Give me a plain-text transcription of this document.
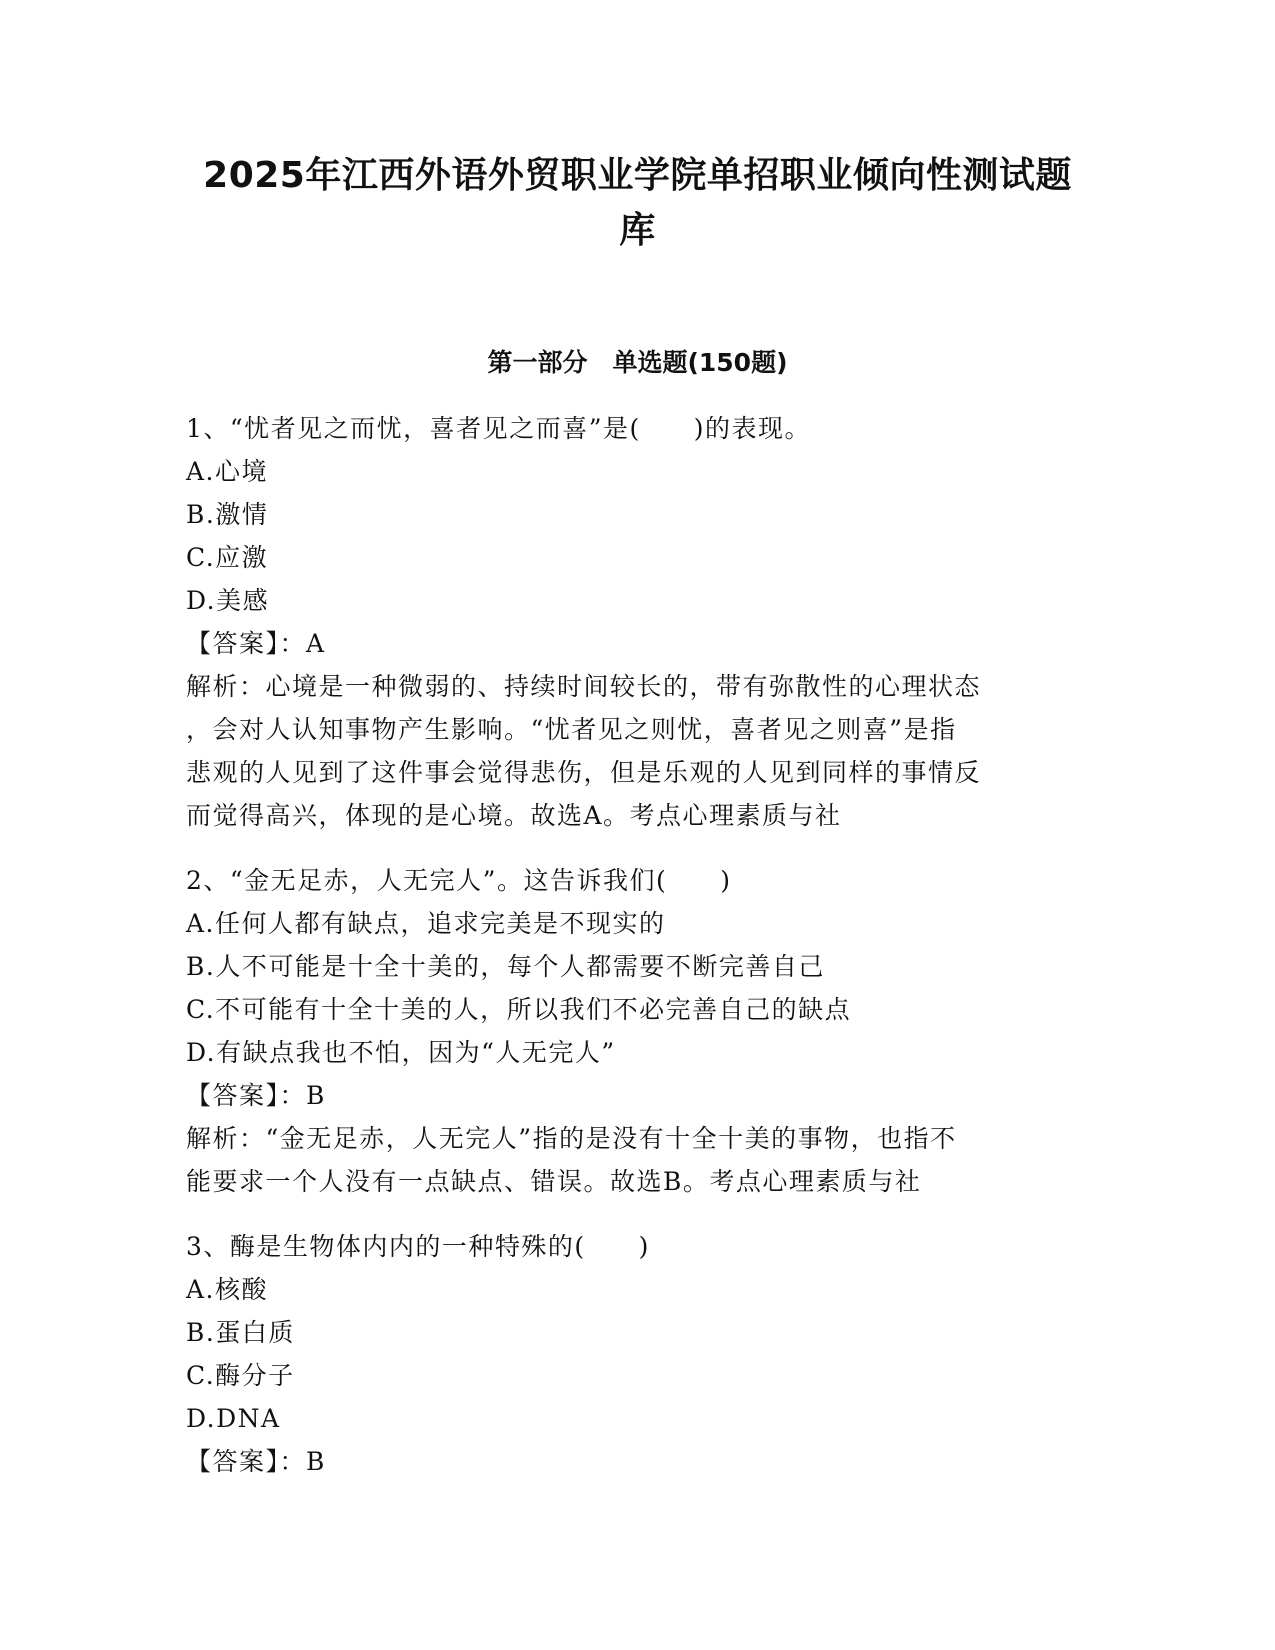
2025年江西外语外贸职业学院单招职业倾向性测试题
库
第一部分　单选题(150题)
1、“忧者见之而忧，喜者见之而喜”是(　　)的表现。
A.心境
B.激情
C.应激
D.美感
【答案】：A
解析：心境是一种微弱的、持续时间较长的，带有弥散性的心理状态
，会对人认知事物产生影响。“忧者见之则忧，喜者见之则喜”是指
悲观的人见到了这件事会觉得悲伤，但是乐观的人见到同样的事情反
而觉得高兴，体现的是心境。故选A。考点心理素质与社
2、“金无足赤，人无完人”。这告诉我们(　　)
A.任何人都有缺点，追求完美是不现实的
B.人不可能是十全十美的，每个人都需要不断完善自己
C.不可能有十全十美的人，所以我们不必完善自己的缺点
D.有缺点我也不怕，因为“人无完人”
【答案】：B
解析：“金无足赤，人无完人”指的是没有十全十美的事物，也指不
能要求一个人没有一点缺点、错误。故选B。考点心理素质与社
3、酶是生物体内内的一种特殊的(　　)
A.核酸
B.蛋白质
C.酶分子
D.DNA
【答案】：B
